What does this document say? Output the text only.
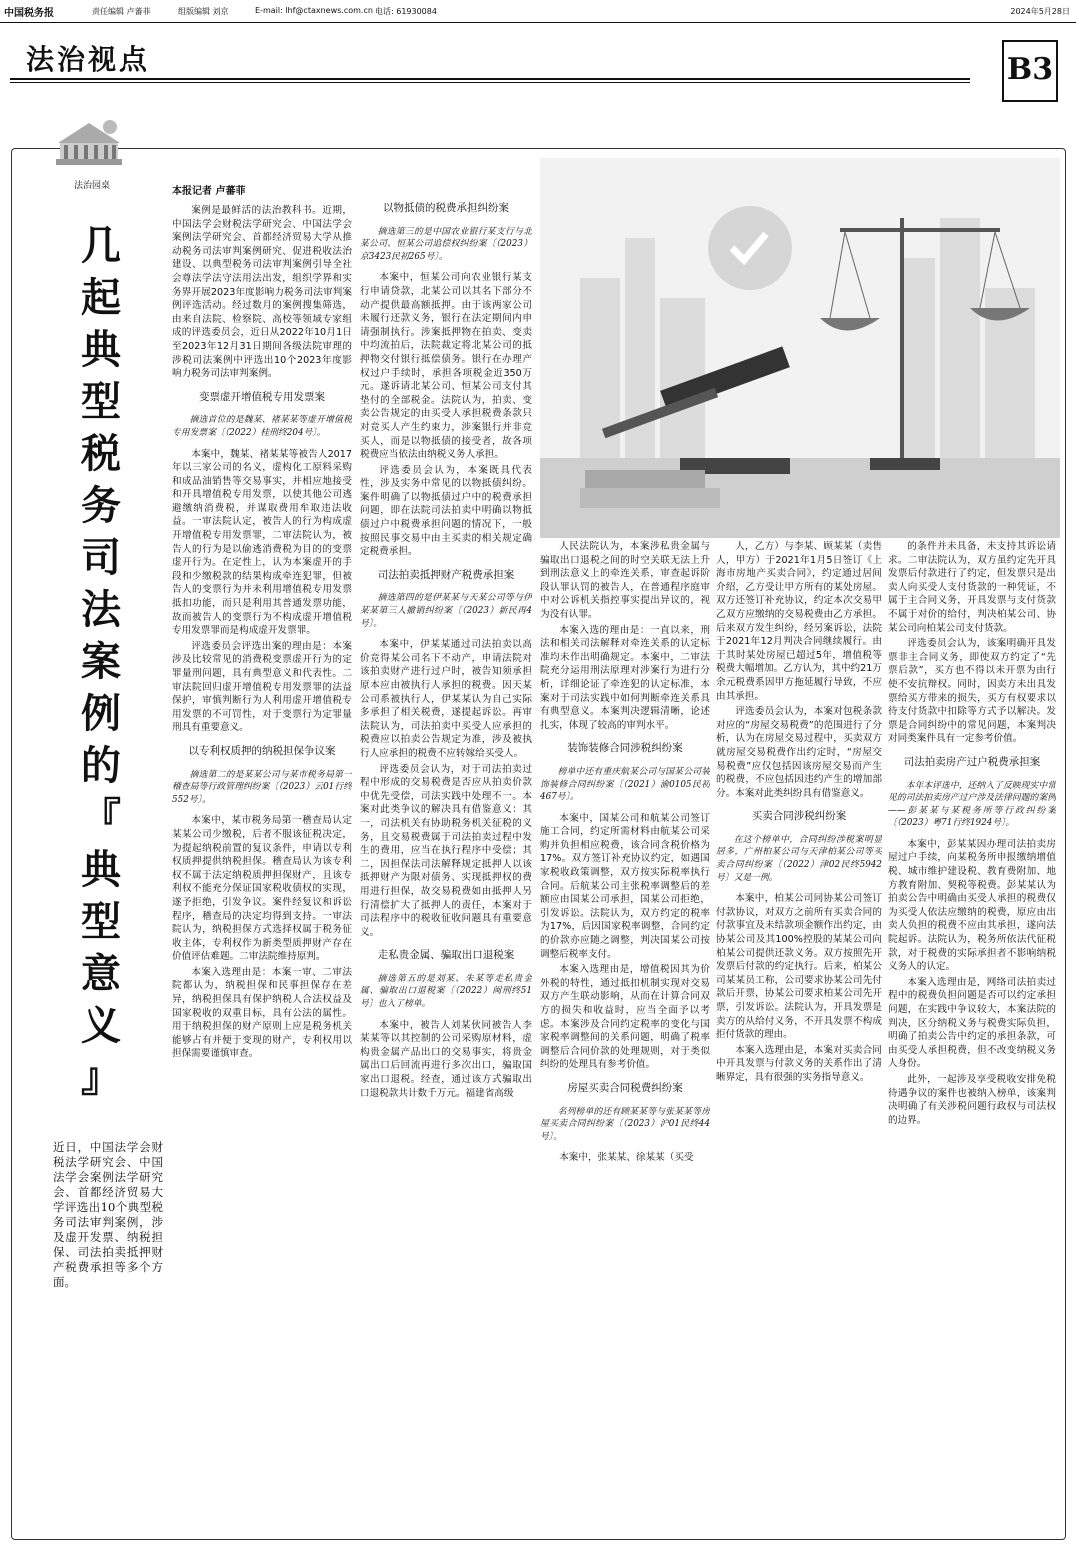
中国税务报	责任编辑 卢蕃菲	组版编辑 刘京	E-mail: lhf@ctaxnews.com.cn 电话: 61930084	2024年5月28日
法治视点	B3
法治园桌
几
起
典
型
税
务
司
法
案
例
的
『
典
型
意
义
』
近日，中国法学会财税法学研究会、中国法学会案例法学研究会、首都经济贸易大学评选出10个典型税务司法审判案例，涉及虚开发票、纳税担保、司法拍卖抵押财产税费承担等多个方面。
本报记者 卢蕃菲

案例是最鲜活的法治教科书。近期，中国法学会财税法学研究会、中国法学会案例法学研究会、首都经济贸易大学从推动税务司法审判案例研究、促进税收法治建设、以典型税务司法审判案例引导全社会尊法学法守法用法出发，组织学界和实务界开展2023年度影响力税务司法审判案例评选活动。经过数月的案例搜集筛选，由来自法院、检察院、高校等领域专家组成的评选委员会，近日从2022年10月1日至2023年12月31日期间各级法院审理的涉税司法案例中评选出10个2023年度影响力税务司法审判案例。

变票虚开增值税专用发票案

摘选首位的是魏某、褚某某等虚开增值税专用发票案〔（2022）桂刑终204号〕。

本案中，魏某、褚某某等被告人2017年以三家公司的名义，虚构化工原料采购和成品油销售等交易事实，并相应地接受和开具增值税专用发票，以使其他公司逃避缴纳消费税，并谋取费用牟取违法收益。一审法院认定，被告人的行为构成虚开增值税专用发票罪，二审法院认为，被告人的行为是以偷逃消费税为目的的变票虚开行为。在定性上，认为本案虚开的手段和少缴税款的结果构成牵连犯罪，但被告人的变票行为并未利用增值税专用发票抵扣功能，而只是利用其普通发票功能，故而被告人的变票行为不构成虚开增值税专用发票罪而是构成虚开发票罪。

评选委员会评选出案的理由是：本案涉及比较常见的消费税变票虚开行为的定罪量刑问题，具有典型意义和代表性。二审法院回归虚开增值税专用发票罪的法益保护，审慎判断行为人利用虚开增值税专用发票的不可罚性，对于变票行为定罪量刑具有重要意义。

以专利权质押的纳税担保争议案

摘选第二的是某某公司与某市税务局第一稽查局等行政管理纠纷案〔（2023）云01行终552号〕。

本案中，某市税务局第一稽查局认定某某公司少缴税，后者不服该征税决定，为提起纳税前置的复议条件，申请以专利权质押提供纳税担保。稽查局认为该专利权不属于法定纳税质押担保财产，且该专利权不能充分保证国家税收债权的实现，遂予拒绝，引发争议。案件经复议和诉讼程序，稽查局的决定均得到支持。一审法院认为，纳税担保方式选择权属于税务征收主体，专利权作为新类型质押财产存在价值评估难题。二审法院维持原判。

本案入选理由是：本案一审、二审法院都认为，纳税担保和民事担保存在差异，纳税担保具有保护纳税人合法权益及国家税收的双重目标，具有公法的属性。用于纳税担保的财产原则上应是税务机关能够占有并便于变现的财产，专利权用以担保需要谨慎审查。

以物抵债的税费承担纠纷案

摘选第三的是中国农业银行某支行与北某公司、恒某公司追偿权纠纷案〔（2023）京3423民初265号〕。

本案中，恒某公司向农业银行某支行申请贷款，北某公司以其名下部分不动产提供最高额抵押。由于该两家公司未履行还款义务，银行在法定期间内申请强制执行。涉案抵押物在拍卖、变卖中均流拍后，法院裁定将北某公司的抵押物交付银行抵偿债务。银行在办理产权过户手续时，承担各项税金近350万元。遂诉请北某公司、恒某公司支付其垫付的全部税金。法院认为，拍卖、变卖公告规定的由买受人承担税费条款只对竞买人产生约束力，涉案银行并非竞买人，而是以物抵债的接受者，故各项税费应当依法由纳税义务人承担。

评选委员会认为，本案既具代表性，涉及实务中常见的以物抵债纠纷。案件明确了以物抵债过户中的税费承担问题，即在法院司法拍卖中明确以物抵债过户中税费承担问题的情况下，一般按照民事交易中由主买卖的相关规定确定税费承担。

司法拍卖抵押财产税费承担案

摘选第四的是伊某某与天某公司等与伊某某第三人撤销纠纷案〔（2023）新民再4号〕。

本案中，伊某某通过司法拍卖以高价竞得某公司名下不动产，申请法院对该拍卖财产进行过户时，被告知须承担原本应由被执行人承担的税费。因天某公司系被执行人，伊某某认为自己实际多承担了相关税费，遂提起诉讼。再审法院认为，司法拍卖中买受人应承担的税费应以拍卖公告规定为准，涉及被执行人应承担的税费不应转嫁给买受人。

评选委员会认为，对于司法拍卖过程中形成的交易税费是否应从拍卖价款中优先受偿，司法实践中处理不一。本案对此类争议的解决具有借鉴意义：其一，司法机关有协助税务机关征税的义务，且交易税费属于司法拍卖过程中发生的费用，应当在执行程序中受偿；其二，因担保法司法解释规定抵押人以该抵押财产为限对债务、实现抵押权的费用进行担保，故交易税费如由抵押人另行清偿扩大了抵押人的责任，本案对于司法程序中的税收征收问题具有重要意义。

走私贵金属、骗取出口退税案

摘选第五的是刘某、朱某等走私贵金属、骗取出口退税案〔（2022）闽刑终51号〕也入了榜单。

本案中，被告人刘某伙同被告人李某某等以其控制的公司采购原材料，虚构贵金属产品出口的交易事实，将贵金属出口后回流再进行多次出口，骗取国家出口退税。经查，通过该方式骗取出口退税款共计数千万元。福建省高级

人民法院认为，本案涉私贵金属与骗取出口退税之间的时空关联无法上升到刑法意义上的牵连关系，审查起诉阶段认罪认罚的被告人，在普通程序庭审中对公诉机关指控事实提出异议的，视为没有认罪。

本案入选的理由是：一直以来，刑法和相关司法解释对牵连关系的认定标准均未作出明确规定。本案中，二审法院充分运用刑法原理对涉案行为进行分析，详细论证了牵连犯的认定标准，本案对于司法实践中如何判断牵连关系具有典型意义。本案判决逻辑清晰，论述扎实，体现了较高的审判水平。

装饰装修合同涉税纠纷案

榜单中还有重庆航某公司与国某公司装饰装修合同纠纷案〔（2021）渝0105民初467号〕。

本案中，国某公司和航某公司签订施工合同，约定所需材料由航某公司采购并负担相应税费，该合同含税价格为17%。双方签订补充协议约定，如遇国家税收政策调整，双方按实际税率执行合同。后航某公司主张税率调整后的差额应由国某公司承担，国某公司拒绝，引发诉讼。法院认为，双方约定的税率为17%，后因国家税率调整，合同约定的价款亦应随之调整，判决国某公司按调整后税率支付。

本案入选理由是，增值税因其为价外税的特性，通过抵扣机制实现对交易双方产生联动影响，从而在计算合同双方的损失和收益时，应当全面予以考虑。本案涉及合同约定税率的变化与国家税率调整间的关系问题，明确了税率调整后合同价款的处理规则，对于类似纠纷的处理具有参考价值。

房屋买卖合同税费纠纷案

名列榜单的还有顾某某等与张某某等房屋买卖合同纠纷案〔（2023）沪01民终44号〕。

本案中，张某某、徐某某（买受

人，乙方）与李某、顾某某（卖售人，甲方）于2021年1月5日签订《上海市房地产买卖合同》，约定通过居间介绍，乙方受让甲方所有的某处房屋。双方还签订补充协议，约定本次交易甲乙双方应缴纳的交易税费由乙方承担。后来双方发生纠纷，经另案诉讼，法院于2021年12月判决合同继续履行。由于其时某处房屋已超过5年，增值税等税费大幅增加。乙方认为，其中约21万余元税费系因甲方拖延履行导致，不应由其承担。

评选委员会认为，本案对包税条款对应的“房屋交易税费”的范围进行了分析，认为在房屋交易过程中，买卖双方就房屋交易税费作出约定时，“房屋交易税费”应仅包括因该房屋交易而产生的税费，不应包括因违约产生的增加部分。本案对此类纠纷具有借鉴意义。

买卖合同涉税纠纷案

在这个榜单中，合同纠纷涉税案明显居多，广州柏某公司与天津柏某公司等买卖合同纠纷案〔（2022）津02民终5942号〕又是一例。

本案中，柏某公司同协某公司签订付款协议，对双方之前所有买卖合同的付款事宜及未结款项金额作出约定，由协某公司及其100%控股的某某公司向柏某公司提供还款义务。双方按照先开发票后付款的约定执行。后来，柏某公司某某员工称，公司要求协某公司先付款后开票，协某公司要求柏某公司先开票，引发诉讼。法院认为，开具发票是卖方的从给付义务，不开具发票不构成拒付货款的理由。

本案入选理由是，本案对买卖合同中开具发票与付款义务的关系作出了清晰界定，具有很强的实务指导意义。

的条件并未具备，未支持其诉讼请求。二审法院认为，双方虽约定先开具发票后付款进行了约定，但发票只是出卖人向买受人支付货款的一种凭证，不属于主合同义务，开具发票与支付货款不属于对价的给付，判决柏某公司、协某公司向柏某公司支付货款。

评选委员会认为，该案明确开具发票非主合同义务，即使双方约定了“先票后款”，买方也不得以未开票为由行使不安抗辩权。同时，因卖方未出具发票给买方带来的损失，买方有权要求以待支付货款中扣除等方式予以解决。发票是合同纠纷中的常见问题，本案判决对同类案件具有一定参考价值。

司法拍卖房产过户税费承担案

本年本评选中，还纳入了反映现实中常见的司法拍卖房产过户涉及法律问题的案例——彭某某与某税务所等行政纠纷案〔（2023）粤71行终1924号〕。

本案中，彭某某因办理司法拍卖房屋过户手续，向某税务所申报缴纳增值税、城市维护建设税、教育费附加、地方教育附加、契税等税费。彭某某认为拍卖公告中明确由买受人承担的税费仅为买受人依法应缴纳的税费，原应由出卖人负担的税费不应由其承担，遂向法院起诉。法院认为，税务所依法代征税款，对于税费的实际承担者不影响纳税义务人的认定。

本案入选理由是，网络司法拍卖过程中的税费负担问题是否可以约定承担问题，在实践中争议较大，本案法院的判决，区分纳税义务与税费实际负担，明确了拍卖公告中约定的承担条款，可由买受人承担税费，但不改变纳税义务人身份。

此外，一起涉及享受税收安排免税待遇争议的案件也被纳入榜单，该案判决明确了有关涉税问题行政权与司法权的边界。
